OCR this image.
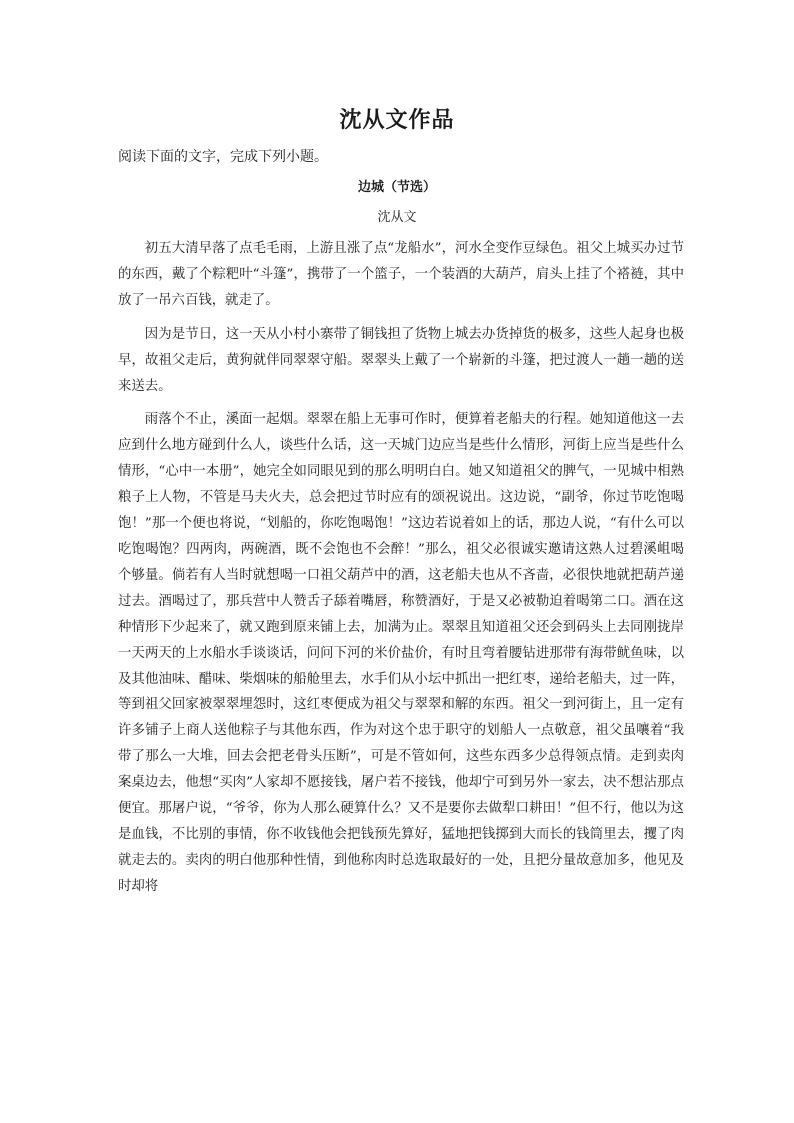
沈从文作品
阅读下面的文字，完成下列小题。
边城（节选）
沈从文

初五大清早落了点毛毛雨，上游且涨了点“龙船水”，河水全变作豆绿色。祖父上城买办过节的东西，戴了个粽粑叶“斗篷”，携带了一个篮子，一个装酒的大葫芦，肩头上挂了个褡裢，其中放了一吊六百钱，就走了。

因为是节日，这一天从小村小寨带了铜钱担了货物上城去办货掉货的极多，这些人起身也极早，故祖父走后，黄狗就伴同翠翠守船。翠翠头上戴了一个崭新的斗篷，把过渡人一趟一趟的送来送去。

雨落个不止，溪面一起烟。翠翠在船上无事可作时，便算着老船夫的行程。她知道他这一去应到什么地方碰到什么人，谈些什么话，这一天城门边应当是些什么情形，河街上应当是些什么情形，“心中一本册”，她完全如同眼见到的那么明明白白。她又知道祖父的脾气，一见城中相熟粮子上人物，不管是马夫火夫，总会把过节时应有的颂祝说出。这边说，“副爷，你过节吃饱喝饱！”那一个便也将说，“划船的，你吃饱喝饱！”这边若说着如上的话，那边人说，“有什么可以吃饱喝饱？四两肉，两碗酒，既不会饱也不会醉！”那么，祖父必很诚实邀请这熟人过碧溪岨喝个够量。倘若有人当时就想喝一口祖父葫芦中的酒，这老船夫也从不吝啬，必很快地就把葫芦递过去。酒喝过了，那兵营中人赞舌子舔着嘴唇，称赞酒好，于是又必被勒迫着喝第二口。酒在这种情形下少起来了，就又跑到原来铺上去，加满为止。翠翠且知道祖父还会到码头上去同刚拢岸一天两天的上水船水手谈谈话，问问下河的米价盐价，有时且弯着腰钻进那带有海带鱿鱼味，以及其他油味、醋味、柴烟味的船舱里去，水手们从小坛中抓出一把红枣，递给老船夫，过一阵，等到祖父回家被翠翠埋怨时，这红枣便成为祖父与翠翠和解的东西。祖父一到河街上，且一定有许多铺子上商人送他粽子与其他东西，作为对这个忠于职守的划船人一点敬意，祖父虽嚷着“我带了那么一大堆，回去会把老骨头压断”，可是不管如何，这些东西多少总得领点情。走到卖肉案桌边去，他想“买肉”人家却不愿接钱，屠户若不接钱，他却宁可到另外一家去，决不想沾那点便宜。那屠户说，“爷爷，你为人那么硬算什么？又不是要你去做犁口耕田！”但不行，他以为这是血钱，不比别的事情，你不收钱他会把钱预先算好，猛地把钱掷到大而长的钱筒里去，攫了肉就走去的。卖肉的明白他那种性情，到他称肉时总选取最好的一处，且把分量故意加多，他见及时却将
